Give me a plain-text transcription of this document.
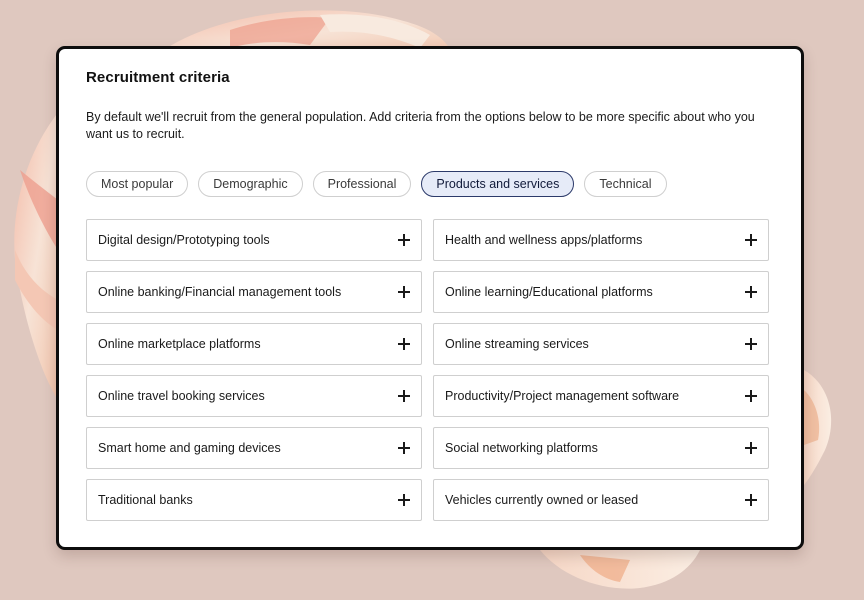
Recruitment criteria

By default we'll recruit from the general population. Add criteria from the options below to be more specific about who you want us to recruit.

Most popular	Demographic	Professional	Products and services	Technical
Digital design/Prototyping tools	Health and wellness apps/platforms
Online banking/Financial management tools	Online learning/Educational platforms
Online marketplace platforms	Online streaming services
Online travel booking services	Productivity/Project management software
Smart home and gaming devices	Social networking platforms
Traditional banks	Vehicles currently owned or leased
